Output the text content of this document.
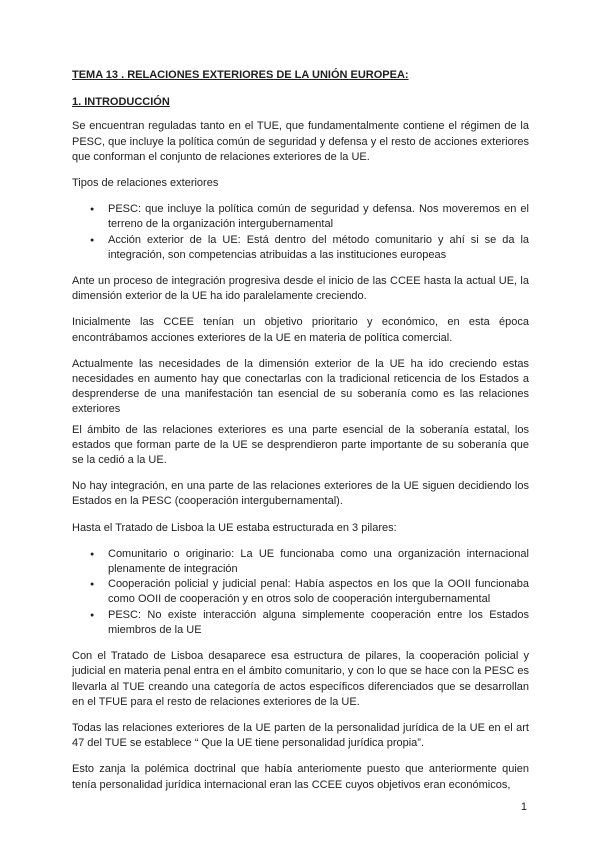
TEMA 13 . RELACIONES EXTERIORES DE LA UNIÓN EUROPEA:
1. INTRODUCCIÓN

Se encuentran reguladas tanto en el TUE, que fundamentalmente contiene el régimen de la PESC, que incluye la política común de seguridad y defensa y el resto de acciones exteriores que conforman el conjunto de relaciones exteriores de la UE.

Tipos de relaciones exteriores

● PESC: que incluye la política común de seguridad y defensa. Nos moveremos en el terreno de la organización intergubernamental
● Acción exterior de la UE: Está dentro del método comunitario y ahí si se da la integración, son competencias atribuidas a las instituciones europeas

Ante un proceso de integración progresiva desde el inicio de las CCEE hasta la actual UE, la dimensión exterior de la UE ha ido paralelamente creciendo.

Inicialmente las CCEE tenían un objetivo prioritario y económico, en esta época encontrábamos acciones exteriores de la UE en materia de política comercial.

Actualmente las necesidades de la dimensión exterior de la UE ha ido creciendo estas necesidades en aumento hay que conectarlas con la tradicional reticencia de los Estados a desprenderse de una manifestación tan esencial de su soberanía como es las relaciones exteriores

El ámbito de las relaciones exteriores es una parte esencial de la soberanía estatal, los estados que forman parte de la UE se desprendieron parte importante de su soberanía que se la cedió a la UE.

No hay integración, en una parte de las relaciones exteriores de la UE siguen decidiendo los Estados en la PESC (cooperación intergubernamental).

Hasta el Tratado de Lisboa la UE estaba estructurada en 3 pilares:

● Comunitario o originario: La UE funcionaba como una organización internacional plenamente de integración
● Cooperación policial y judicial penal: Había aspectos en los que la OOII funcionaba como OOII de cooperación y en otros solo de cooperación intergubernamental
● PESC: No existe interacción alguna simplemente cooperación entre los Estados miembros de la UE

Con el Tratado de Lisboa desaparece esa estructura de pilares, la cooperación policial y judicial en materia penal entra en el ámbito comunitario, y con lo que se hace con la PESC es llevarla al TUE creando una categoría de actos específicos diferenciados que se desarrollan en el TFUE para el resto de relaciones exteriores de la UE.

Todas las relaciones exteriores de la UE parten de la personalidad jurídica de la UE en el art 47 del TUE se establece “ Que la UE tiene personalidad jurídica propia”.

Esto zanja la polémica doctrinal que había anteriomente puesto que anteriormente quien tenía personalidad jurídica internacional eran las CCEE cuyos objetivos eran económicos,

1
